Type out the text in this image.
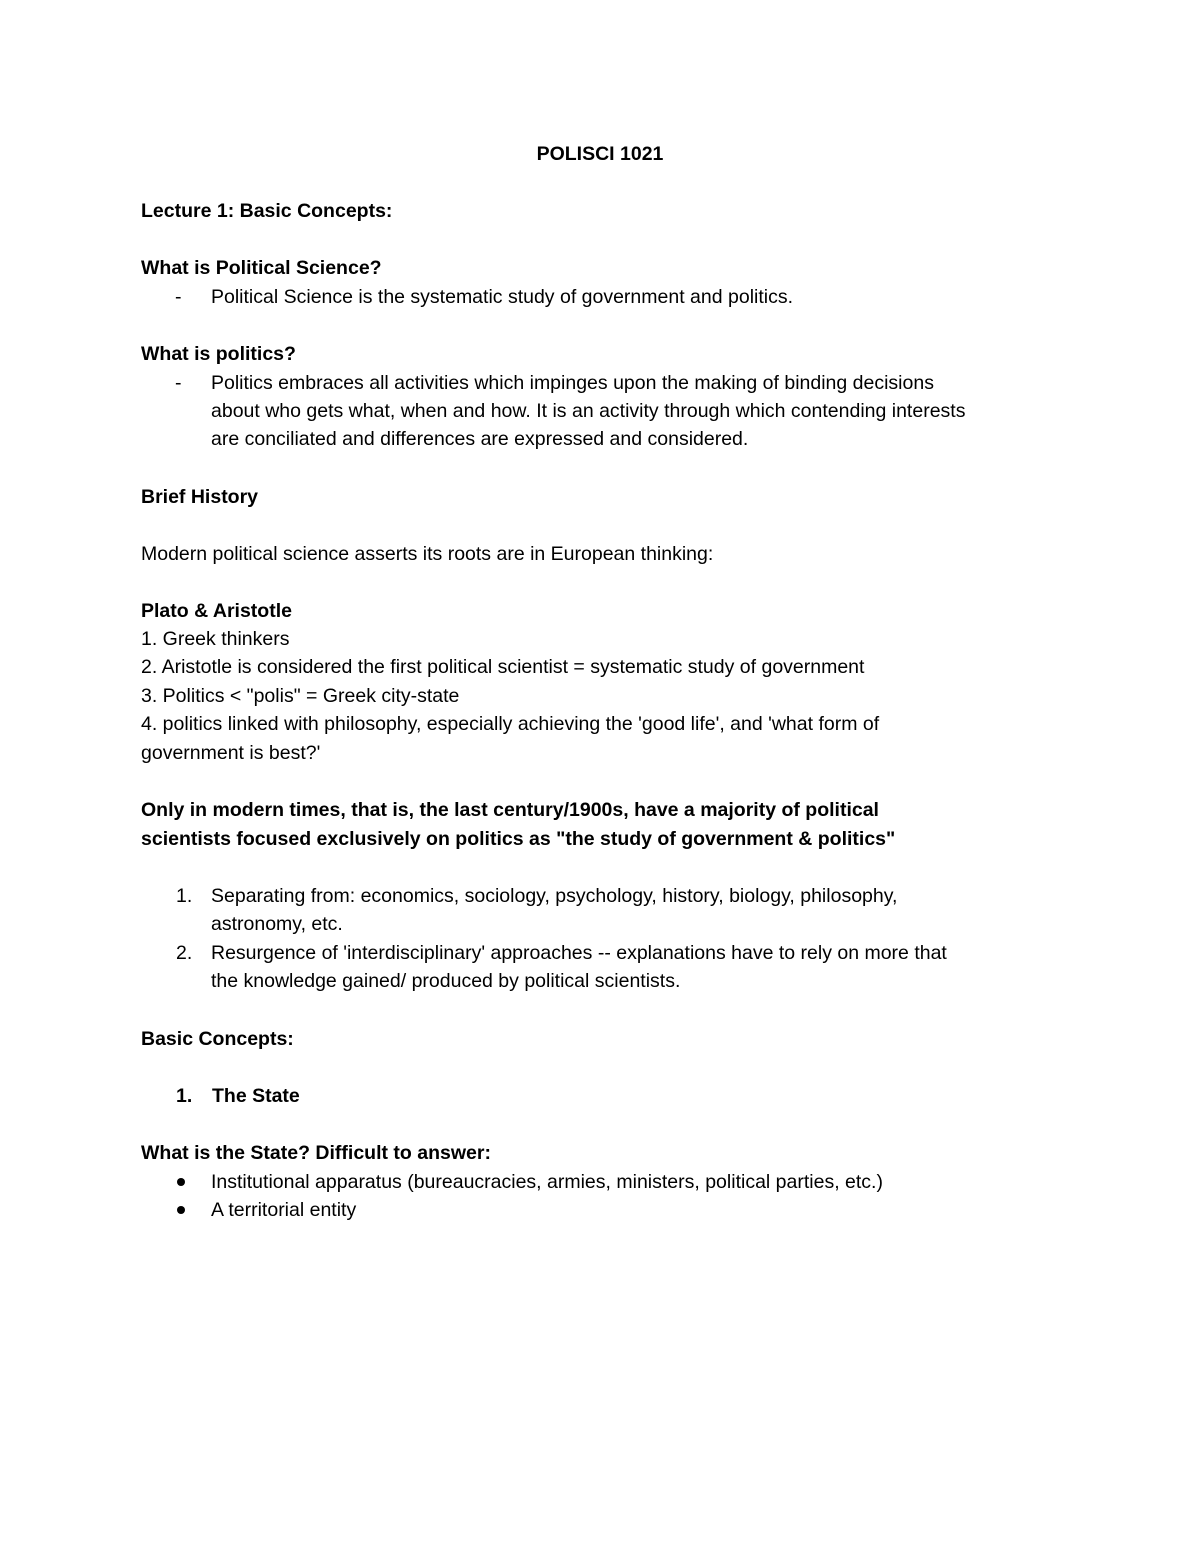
POLISCI 1021
Lecture 1: Basic Concepts:
What is Political Science?
- Political Science is the systematic study of government and politics.
What is politics?
- Politics embraces all activities which impinges upon the making of binding decisions
about who gets what, when and how. It is an activity through which contending interests
are conciliated and differences are expressed and considered.
Brief History
Modern political science asserts its roots are in European thinking:
Plato & Aristotle
1. Greek thinkers
2. Aristotle is considered the first political scientist = systematic study of government
3. Politics < "polis" = Greek city-state
4. politics linked with philosophy, especially achieving the 'good life', and 'what form of
government is best?'
Only in modern times, that is, the last century/1900s, have a majority of political
scientists focused exclusively on politics as "the study of government & politics"
1. Separating from: economics, sociology, psychology, history, biology, philosophy,
astronomy, etc.
2. Resurgence of 'interdisciplinary' approaches -- explanations have to rely on more that
the knowledge gained/ produced by political scientists.
Basic Concepts:
1. The State
What is the State? Difficult to answer:
Institutional apparatus (bureaucracies, armies, ministers, political parties, etc.)
A territorial entity
